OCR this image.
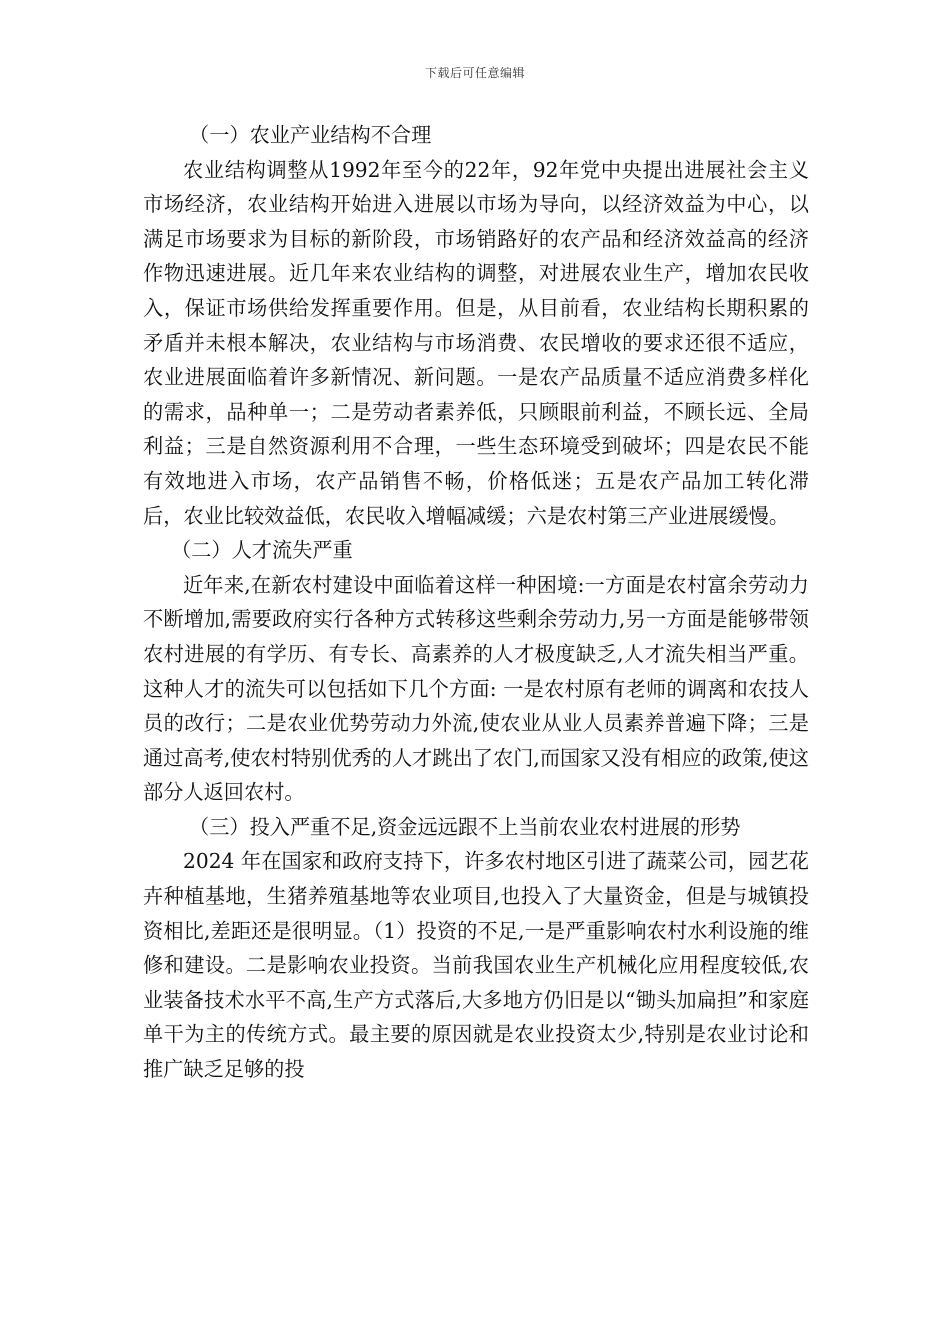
下载后可任意编辑

（一）农业产业结构不合理

农业结构调整从1992年至今的22年，92年党中央提出进展社会主义市场经济，农业结构开始进入进展以市场为导向，以经济效益为中心，以满足市场要求为目标的新阶段，市场销路好的农产品和经济效益高的经济作物迅速进展。近几年来农业结构的调整，对进展农业生产，增加农民收入，保证市场供给发挥重要作用。但是，从目前看，农业结构长期积累的矛盾并未根本解决，农业结构与市场消费、农民增收的要求还很不适应，农业进展面临着许多新情况、新问题。一是农产品质量不适应消费多样化的需求，品种单一；二是劳动者素养低，只顾眼前利益，不顾长远、全局利益；三是自然资源利用不合理，一些生态环境受到破坏；四是农民不能有效地进入市场，农产品销售不畅，价格低迷；五是农产品加工转化滞后，农业比较效益低，农民收入增幅减缓；六是农村第三产业进展缓慢。

（二）人才流失严重

近年来,在新农村建设中面临着这样一种困境:一方面是农村富余劳动力不断增加,需要政府实行各种方式转移这些剩余劳动力,另一方面是能够带领农村进展的有学历、有专长、高素养的人才极度缺乏,人才流失相当严重。这种人才的流失可以包括如下几个方面: 一是农村原有老师的调离和农技人员的改行；二是农业优势劳动力外流,使农业从业人员素养普遍下降；三是通过高考,使农村特别优秀的人才跳出了农门,而国家又没有相应的政策,使这部分人返回农村。

（三）投入严重不足,资金远远跟不上当前农业农村进展的形势

2024 年在国家和政府支持下，许多农村地区引进了蔬菜公司，园艺花卉种植基地，生猪养殖基地等农业项目,也投入了大量资金，但是与城镇投资相比,差距还是很明显。（1）投资的不足,一是严重影响农村水利设施的维修和建设。二是影响农业投资。当前我国农业生产机械化应用程度较低,农业装备技术水平不高,生产方式落后,大多地方仍旧是以“锄头加扁担”和家庭单干为主的传统方式。最主要的原因就是农业投资太少,特别是农业讨论和推广缺乏足够的投
